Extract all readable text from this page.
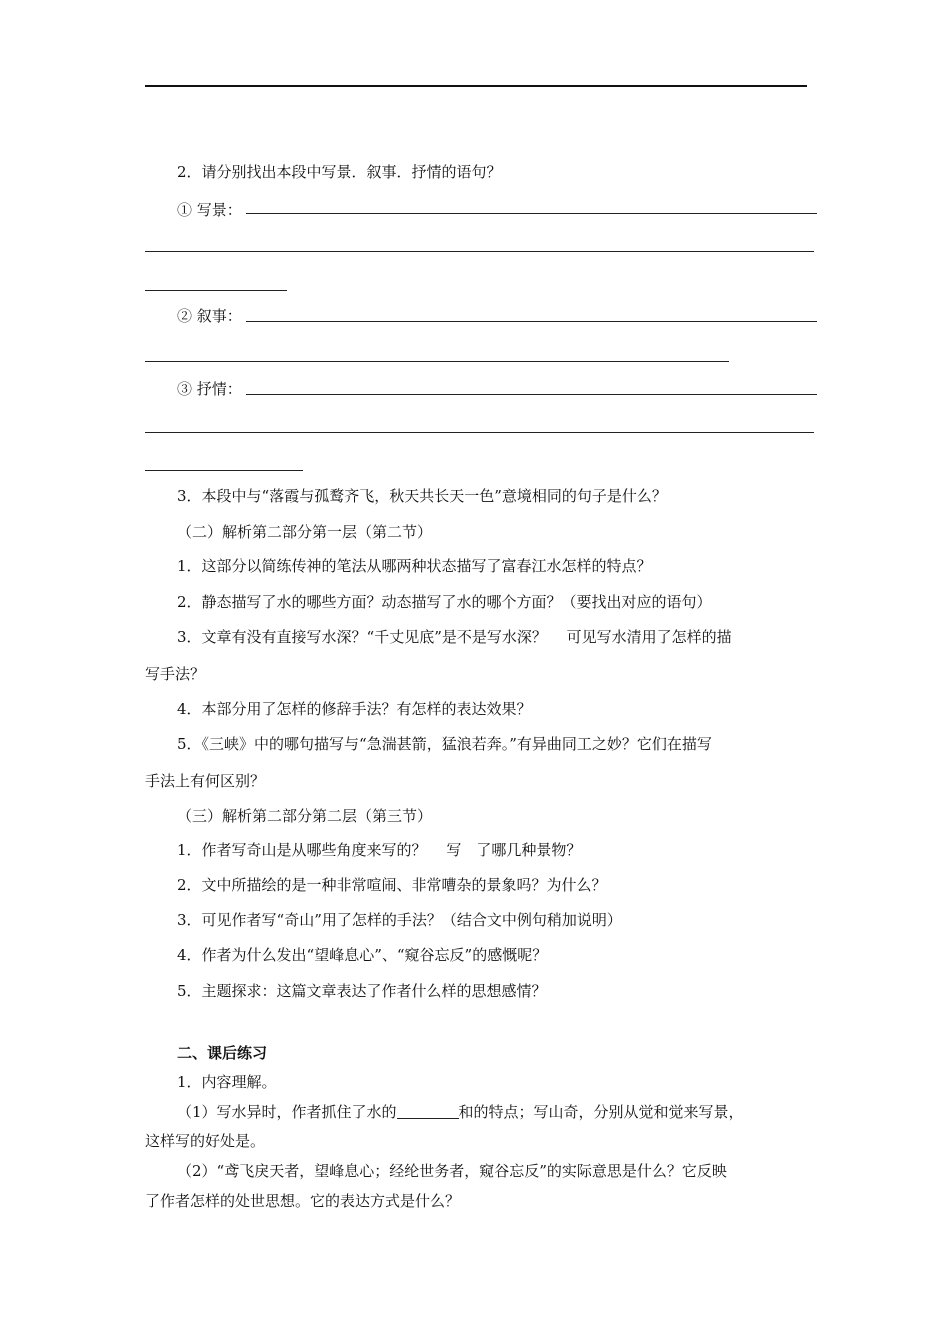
2．请分别找出本段中写景．叙事．抒情的语句？
① 写景：
② 叙事：
③ 抒情：
3．本段中与“落霞与孤鹜齐飞，秋天共长天一色”意境相同的句子是什么？
（二）解析第二部分第一层（第二节）
1．这部分以简练传神的笔法从哪两种状态描写了富春江水怎样的特点？
2．静态描写了水的哪些方面？动态描写了水的哪个方面？（要找出对应的语句）
3．文章有没有直接写水深？“千丈见底”是不是写水深？　 可见写水清用了怎样的描
写手法？
4．本部分用了怎样的修辞手法？有怎样的表达效果？
5．《三峡》中的哪句描写与“急湍甚箭，猛浪若奔。”有异曲同工之妙？它们在描写
手法上有何区别？
（三）解析第二部分第二层（第三节）
1．作者写奇山是从哪些角度来写的？　 写　了哪几种景物？
2．文中所描绘的是一种非常喧闹、非常嘈杂的景象吗？为什么？
3．可见作者写“奇山”用了怎样的手法？（结合文中例句稍加说明）
4．作者为什么发出“望峰息心”、“窥谷忘反”的感慨呢？
5．主题探求：这篇文章表达了作者什么样的思想感情？
二、课后练习
1．内容理解。
（1）写水异时，作者抓住了水的	和的特点；写山奇，分别从觉和觉来写景，
这样写的好处是。
（2）“鸢飞戾天者，望峰息心；经纶世务者，窥谷忘反”的实际意思是什么？它反映
了作者怎样的处世思想。它的表达方式是什么？
